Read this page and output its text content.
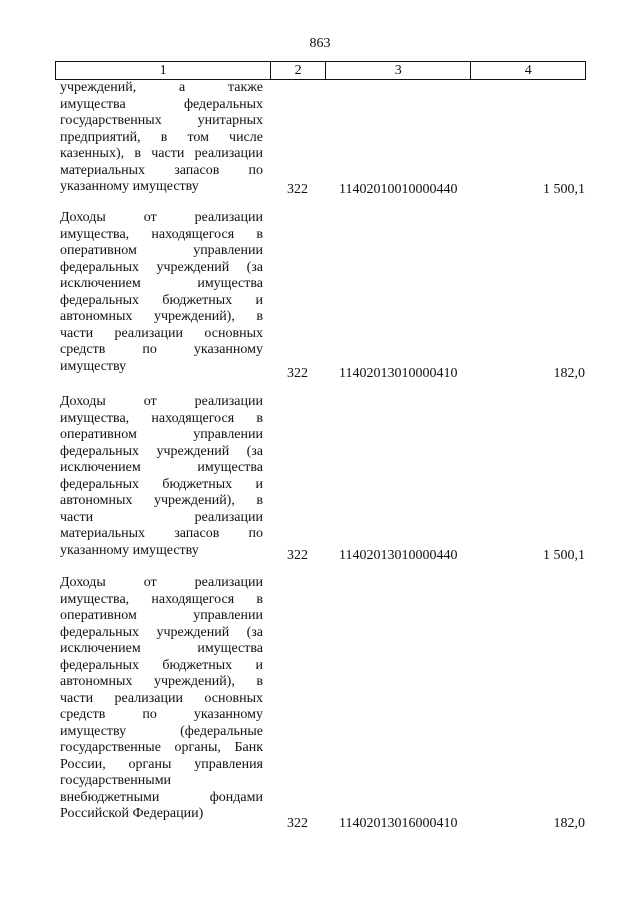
863
1	2	3	4
учреждений, а также
имущества федеральных
государственных унитарных
предприятий, в том числе
казенных), в части реализации
материальных запасов по
указанному имуществу	322 11402010010000440	1 500,1
Доходы от реализации
имущества, находящегося в
оперативном управлении
федеральных учреждений (за
исключением имущества
федеральных бюджетных и
автономных учреждений), в
части реализации основных
средств по указанному
имуществу	322 11402013010000410	182,0
Доходы от реализации
имущества, находящегося в
оперативном управлении
федеральных учреждений (за
исключением имущества
федеральных бюджетных и
автономных учреждений), в
части реализации
материальных запасов по
указанному имуществу	322 11402013010000440	1 500,1
Доходы от реализации
имущества, находящегося в
оперативном управлении
федеральных учреждений (за
исключением имущества
федеральных бюджетных и
автономных учреждений), в
части реализации основных
средств по указанному
имуществу (федеральные
государственные органы, Банк
России, органы управления
государственными
внебюджетными фондами
Российской Федерации)
322 11402013016000410	182,0
